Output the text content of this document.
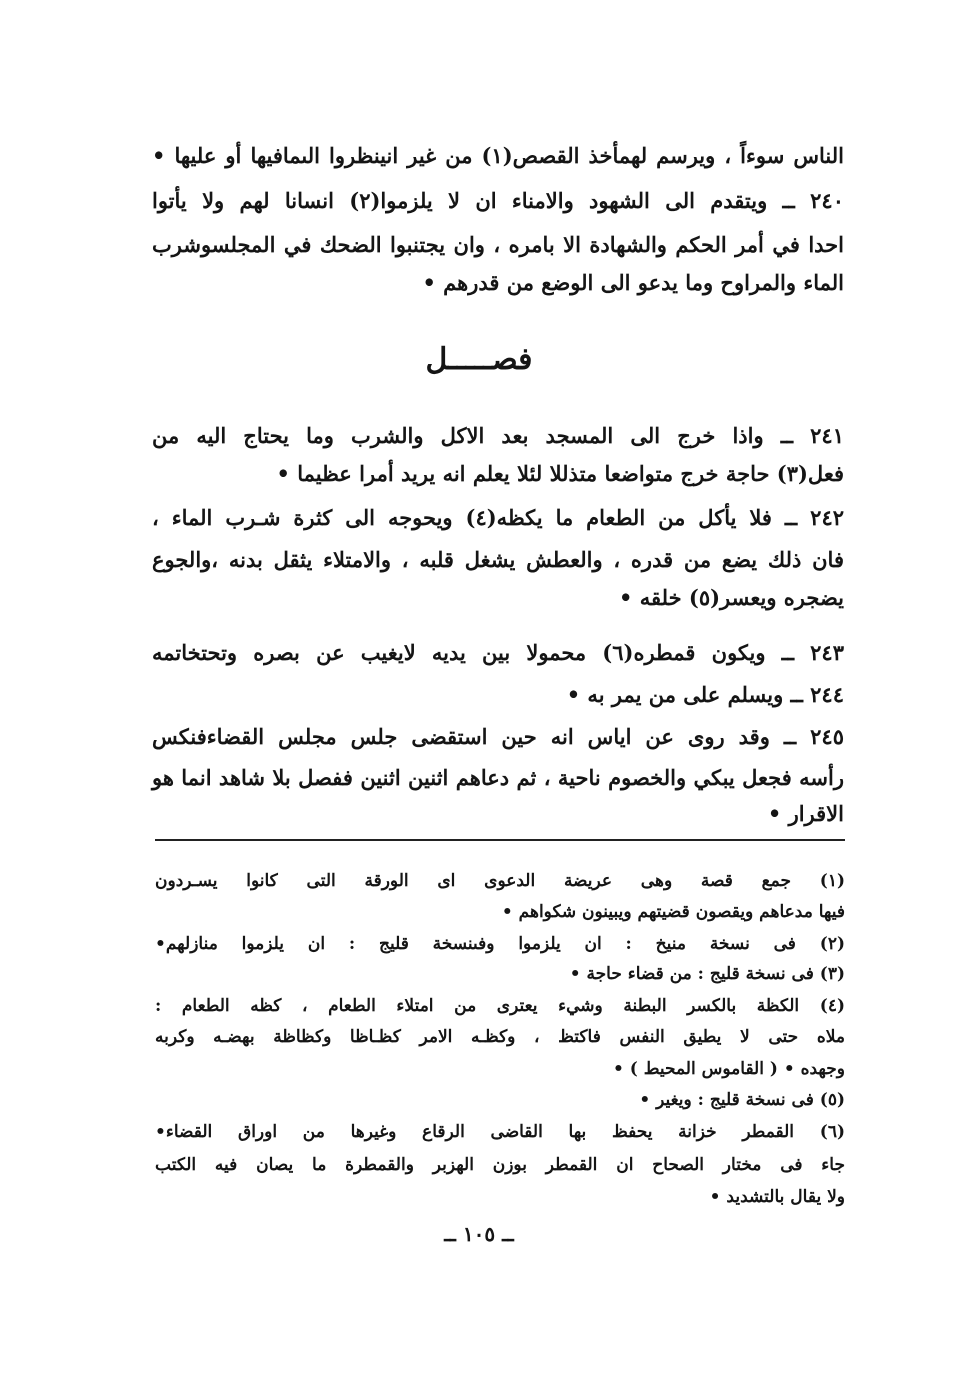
الناس سوءاً ، ويرسم لهمأخذ القصص(١) من غير انينظروا الىمافيها أو عليها •
٢٤٠ ــ ويتقدم الى الشهود والامناء ان لا يلزموا(٢) انسانا لهم ولا يأتوا
احدا في أمر الحكم والشهادة الا بامره ، وان يجتنبوا الضحك في المجلسوشرب
الماء والمراوح وما يدعو الى الوضع من قدرهم •
فصـــــل
٢٤١ ــ واذا خرج الى المسجد بعد الاكل والشرب وما يحتاج اليه من
فعل(٣) حاجة خرج متواضعا متذللا لئلا يعلم انه يريد أمرا عظيما •
٢٤٢ ــ فلا يأكل من الطعام ما يكظه(٤) ويحوجه الى كثرة شـرب الماء ،
فان ذلك يضع من قدره ، والعطش يشغل قلبه ، والامتلاء يثقل بدنه ،والجوع
يضجره ويعسر(٥) خلقه •
٢٤٣ ــ ويكون قمطره(٦) محمولا بين يديه لايغيب عن بصره وتحتخاتمه
٢٤٤ ــ ويسلم على من يمر به •
٢٤٥ ــ وقد روى عن اياس انه حين استقضى جلس مجلس القضاءفنكس
رأسه فجعل يبكي والخصوم ناحية ، ثم دعاهم اثنين اثنين ففصل بلا شاهد انما هو
الاقرار •
(١) جمع قصة وهى عريضة الدعوى اى الورقة التى كانوا يسـردون
فيها مدعاهم ويقصون قضيتهم ويبينون شكواهم •
(٢) فى نسخة منيخ : ان يلزموا وفىنسخة قليج : ان يلزموا منازلهم•
(٣) فى نسخة قليج : من قضاء حاجة •
(٤) الكظة بالكسر البطنة وشيء يعترى من امتلاء الطعام ، كظه الطعام :
ملاه حتى لا يطيق النفس فاكتظ ، وكظـه الامر كظـاظا وكظاظة بهضـه وكربه
وجهده • ( القاموس المحيط ) •
(٥) فى نسخة قليج : ويغير •
(٦) القمطر خزانة يحفظ بها القاضى الرقاع وغيرها من اوراق القضاء•
جاء فى مختار الصحاح ان القمطر بوزن الهزبر والقمطرة ما يصان فيه الكتب
ولا يقال بالتشديد •
ــ ١٠٥ ــ
